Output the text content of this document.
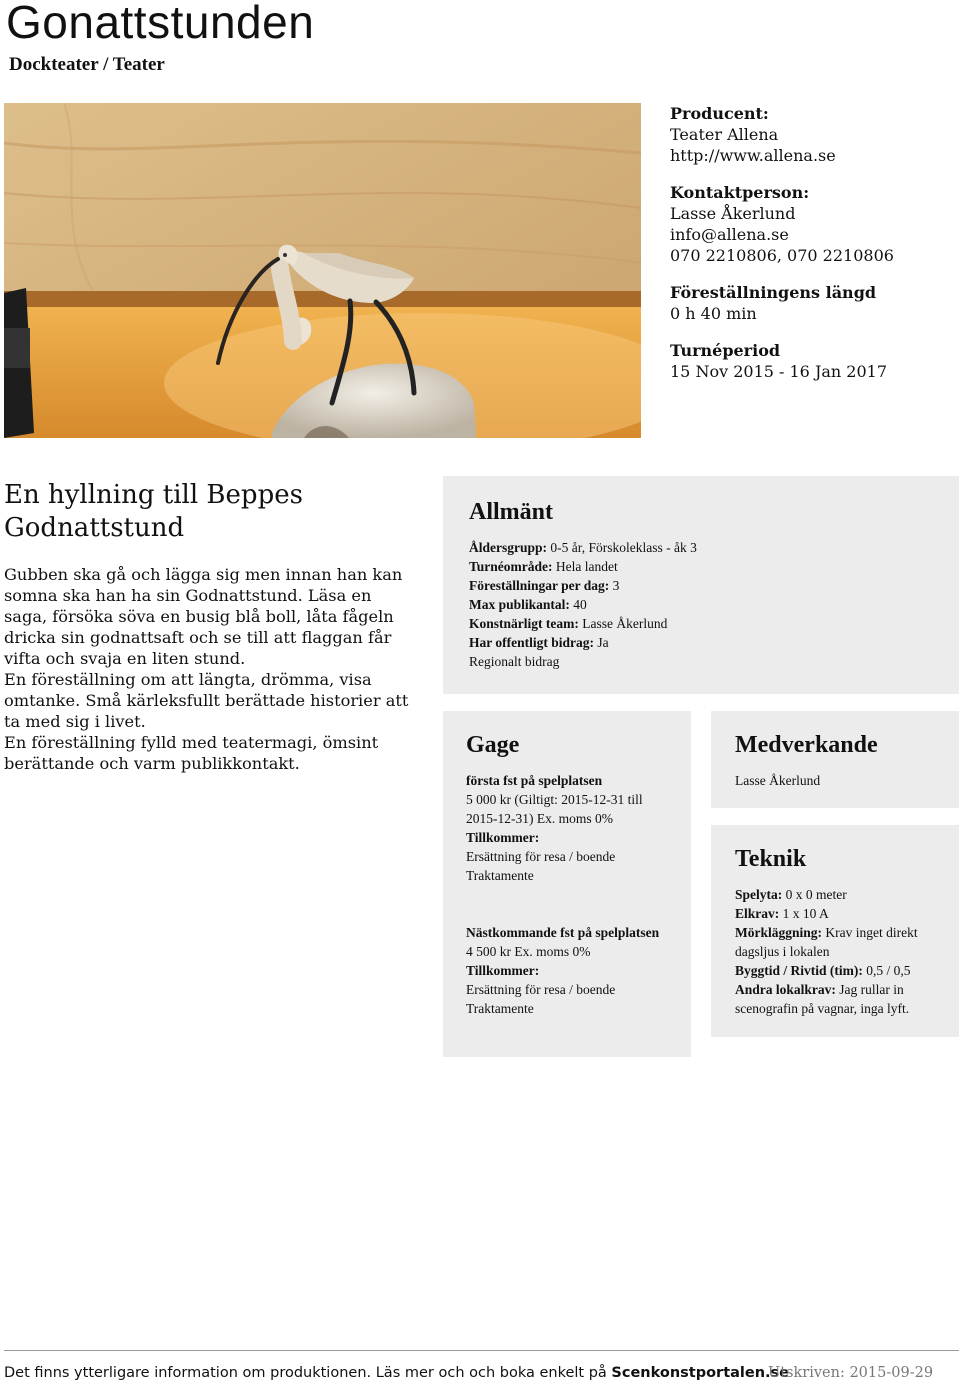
Gonattstunden
Dockteater / Teater
Producent:
Teater Allena
http://www.allena.se
Kontaktperson:
Lasse Åkerlund
info@allena.se
070 2210806, 070 2210806
Föreställningens längd
0 h 40 min
Turnéperiod
15 Nov 2015 - 16 Jan 2017
En hyllning till Beppes Godnattstund

Gubben ska gå och lägga sig men innan han kan somna ska han ha sin Godnattstund. Läsa en saga, försöka söva en busig blå boll, låta fågeln dricka sin godnattsaft och se till att flaggan får vifta och svaja en liten stund.

En föreställning om att längta, drömma, visa omtanke. Små kärleksfullt berättade historier att ta med sig i livet.

En föreställning fylld med teatermagi, ömsint berättande och varm publikkontakt.

Allmänt
Åldersgrupp: 0-5 år, Förskoleklass - åk 3
Turnéområde: Hela landet
Föreställningar per dag: 3
Max publikantal: 40
Konstnärligt team: Lasse Åkerlund
Har offentligt bidrag: Ja
Regionalt bidrag
Gage
första fst på spelplatsen
5 000 kr (Giltigt: 2015-12-31 till 2015-12-31) Ex. moms 0%
Tillkommer:
Ersättning för resa / boende
Traktamente
Nästkommande fst på spelplatsen
4 500 kr Ex. moms 0%
Tillkommer:
Ersättning för resa / boende
Traktamente
Medverkande
Lasse Åkerlund
Teknik
Spelyta: 0 x 0 meter
Elkrav: 1 x 10 A
Mörkläggning: Krav inget direkt dagsljus i lokalen
Byggtid / Rivtid (tim): 0,5 / 0,5
Andra lokalkrav: Jag rullar in scenografin på vagnar, inga lyft.
Det finns ytterligare information om produktionen. Läs mer och och boka enkelt på Scenkonstportalen.se
Utskriven: 2015-09-29
